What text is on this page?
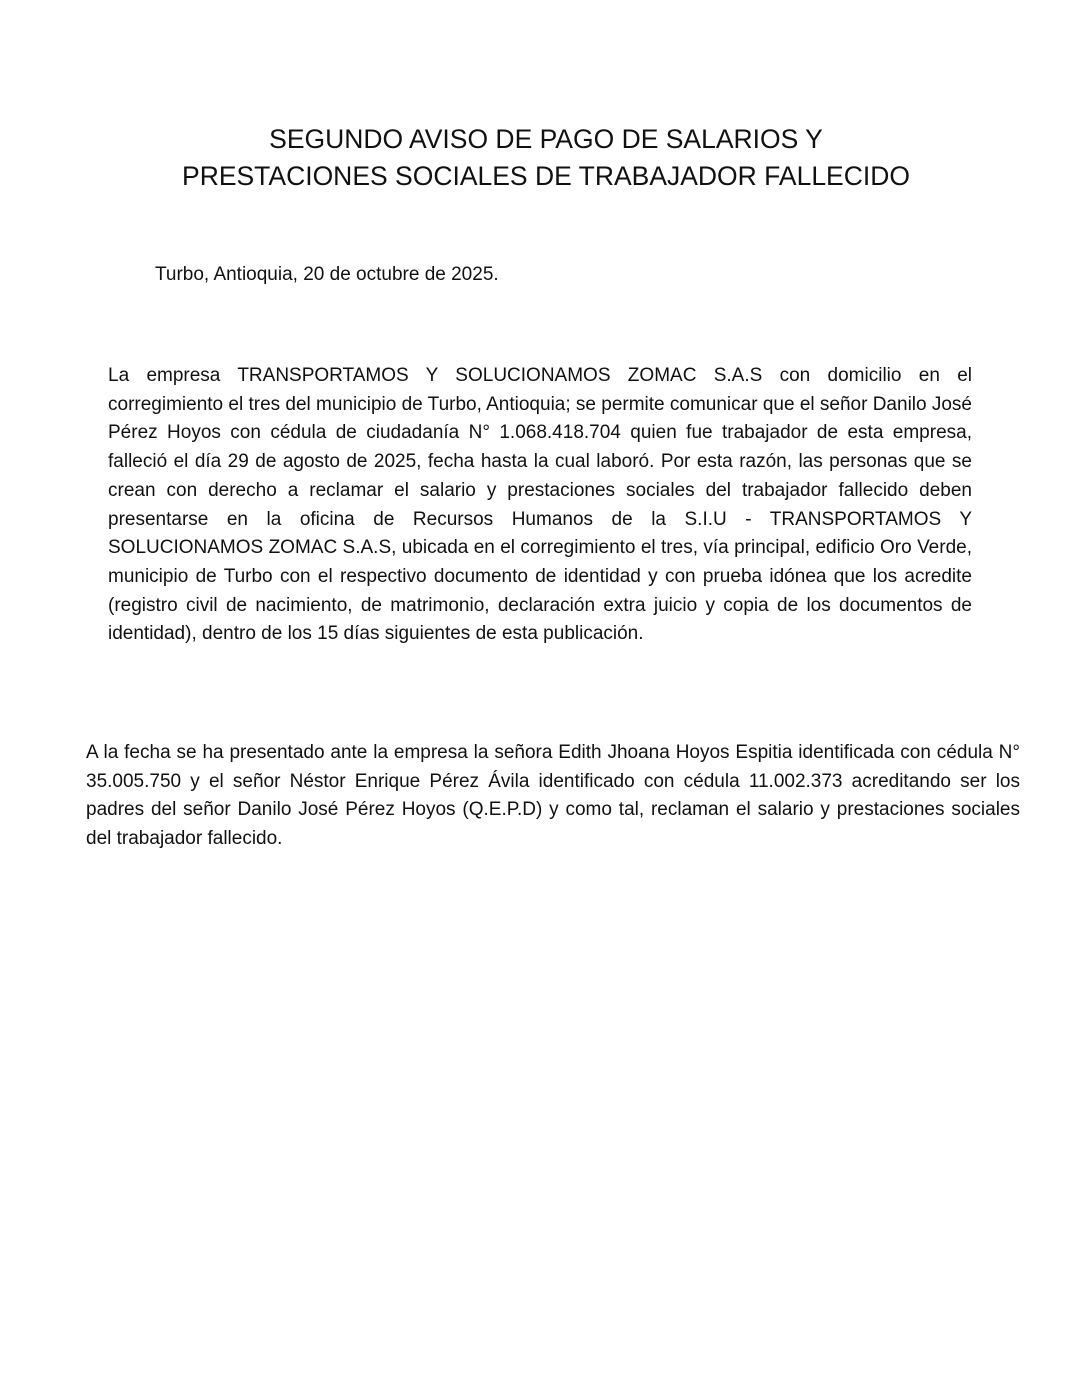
SEGUNDO AVISO DE PAGO DE SALARIOS Y
PRESTACIONES SOCIALES DE TRABAJADOR FALLECIDO

Turbo, Antioquia, 20 de octubre de 2025.

La empresa TRANSPORTAMOS Y SOLUCIONAMOS ZOMAC S.A.S con domicilio en el corregimiento el tres del municipio de Turbo, Antioquia; se permite comunicar que el señor Danilo José Pérez Hoyos con cédula de ciudadanía N° 1.068.418.704 quien fue trabajador de esta empresa, falleció el día 29 de agosto de 2025, fecha hasta la cual laboró. Por esta razón, las personas que se crean con derecho a reclamar el salario y prestaciones sociales del trabajador fallecido deben presentarse en la oficina de Recursos Humanos de la S.I.U - TRANSPORTAMOS Y SOLUCIONAMOS ZOMAC S.A.S, ubicada en el corregimiento el tres, vía principal, edificio Oro Verde, municipio de Turbo con el respectivo documento de identidad y con prueba idónea que los acredite (registro civil de nacimiento, de matrimonio, declaración extra juicio y copia de los documentos de identidad), dentro de los 15 días siguientes de esta publicación.

A la fecha se ha presentado ante la empresa la señora Edith Jhoana Hoyos Espitia identificada con cédula N° 35.005.750 y el señor Néstor Enrique Pérez Ávila identificado con cédula 11.002.373 acreditando ser los padres del señor Danilo José Pérez Hoyos (Q.E.P.D) y como tal, reclaman el salario y prestaciones sociales del trabajador fallecido.
